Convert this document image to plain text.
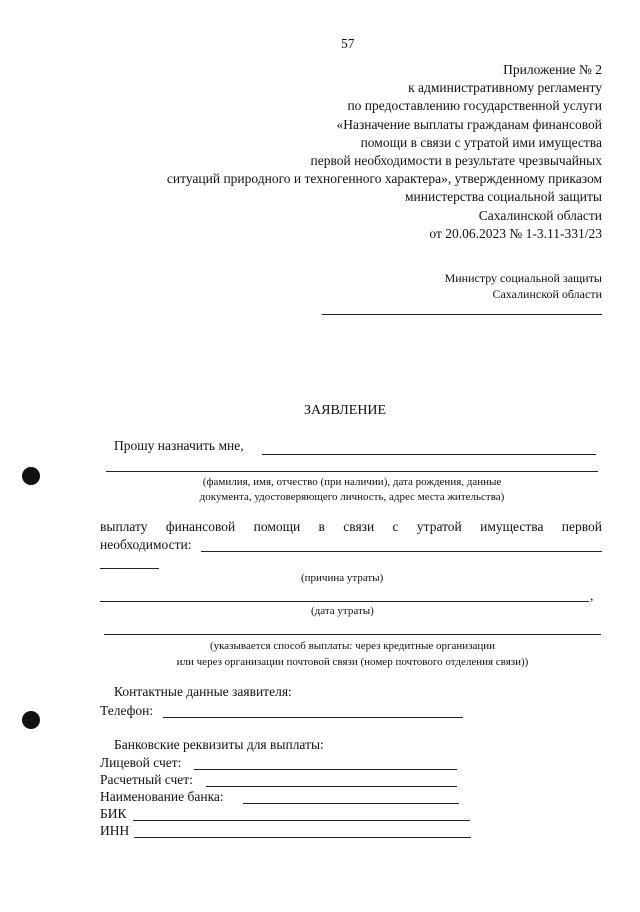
57
Приложение № 2
к административному регламенту
по предоставлению государственной услуги
«Назначение выплаты гражданам финансовой
помощи в связи с утратой ими имущества
первой необходимости в результате чрезвычайных
ситуаций природного и техногенного характера», утвержденному приказом
министерства социальной защиты
Сахалинской области
от 20.06.2023 № 1-3.11-331/23
Министру социальной защиты
Сахалинской области
ЗАЯВЛЕНИЕ
Прошу назначить мне,
(фамилия, имя, отчество (при наличии), дата рождения, данные
документа, удостоверяющего личность, адрес места жительства)
выплату финансовой помощи в связи с утратой имущества первой
необходимости:
(причина утраты)
,
(дата утраты)
(указывается способ выплаты: через кредитные организации
или через организации почтовой связи (номер почтового отделения связи))
Контактные данные заявителя:
Телефон:
Банковские реквизиты для выплаты:
Лицевой счет:
Расчетный счет:
Наименование банка:
БИК
ИНН
